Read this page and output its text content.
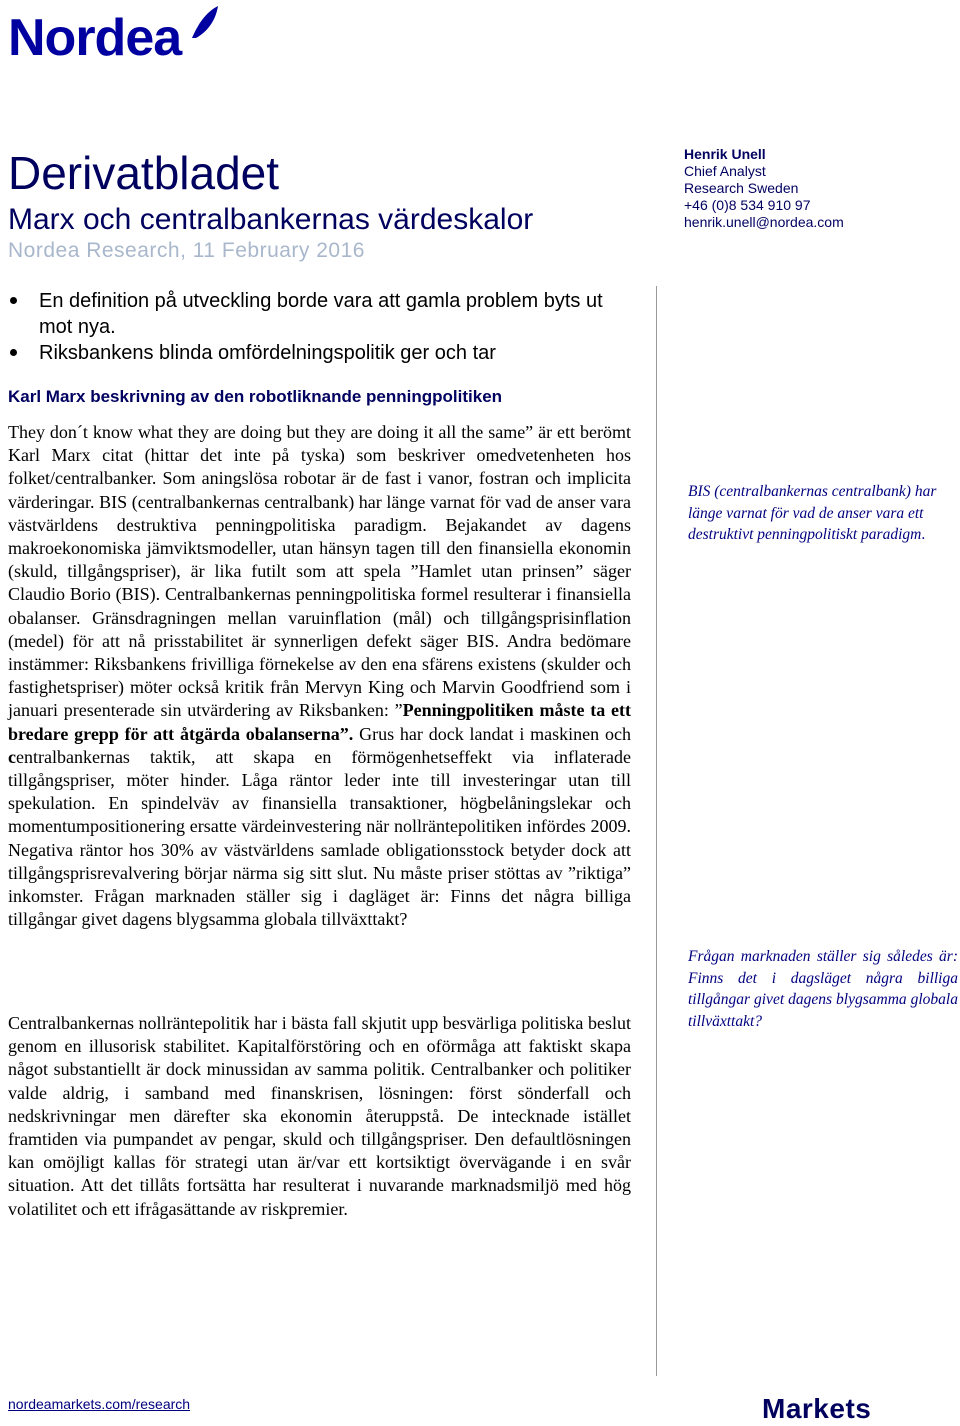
Nordea
Derivatbladet
Marx och centralbankernas värdeskalor
Nordea Research, 11 February 2016
Henrik Unell
Chief Analyst
Research Sweden
+46 (0)8 534 910 97
henrik.unell@nordea.com
En definition på utveckling borde vara att gamla problem byts ut mot nya.
Riksbankens blinda omfördelningspolitik ger och tar
Karl Marx beskrivning av den robotliknande penningpolitiken

They don´t know what they are doing but they are doing it all the same” är ett berömt Karl Marx citat (hittar det inte på tyska) som beskriver omedvetenheten hos folket/centralbanker. Som aningslösa robotar är de fast i vanor, fostran och implicita värderingar. BIS (centralbankernas centralbank) har länge varnat för vad de anser vara västvärldens destruktiva penningpolitiska paradigm. Bejakandet av dagens makroekonomiska jämviktsmodeller, utan hänsyn tagen till den finansiella ekonomin (skuld, tillgångspriser), är lika futilt som att spela ”Hamlet utan prinsen” säger Claudio Borio (BIS). Centralbankernas penningpolitiska formel resulterar i finansiella obalanser. Gränsdragningen mellan varuinflation (mål) och tillgångsprisinflation (medel) för att nå prisstabilitet är synnerligen defekt säger BIS. Andra bedömare instämmer: Riksbankens frivilliga förnekelse av den ena sfärens existens (skulder och fastighetspriser) möter också kritik från Mervyn King och Marvin Goodfriend som i januari presenterade sin utvärdering av Riksbanken: ”Penningpolitiken måste ta ett bredare grepp för att åtgärda obalanserna”. Grus har dock landat i maskinen och centralbankernas taktik, att skapa en förmögenhetseffekt via inflaterade tillgångspriser, möter hinder. Låga räntor leder inte till investeringar utan till spekulation. En spindelväv av finansiella transaktioner, högbelåningslekar och momentumpositionering ersatte värdeinvestering när nollräntepolitiken infördes 2009. Negativa räntor hos 30% av västvärldens samlade obligationsstock betyder dock att tillgångsprisrevalvering börjar närma sig sitt slut. Nu måste priser stöttas av ”riktiga” inkomster. Frågan marknaden ställer sig i dagläget är: Finns det några billiga tillgångar givet dagens blygsamma globala tillväxttakt?

Centralbankernas nollräntepolitik har i bästa fall skjutit upp besvärliga politiska beslut genom en illusorisk stabilitet. Kapitalförstöring och en oförmåga att faktiskt skapa något substantiellt är dock minussidan av samma politik. Centralbanker och politiker valde aldrig, i samband med finanskrisen, lösningen: först sönderfall och nedskrivningar men därefter ska ekonomin återuppstå. De intecknade istället framtiden via pumpandet av pengar, skuld och tillgångspriser. Den defaultlösningen kan omöjligt kallas för strategi utan är/var ett kortsiktigt övervägande i en svår situation. Att det tillåts fortsätta har resulterat i nuvarande marknadsmiljö med hög volatilitet och ett ifrågasättande av riskpremier.

BIS (centralbankernas centralbank) har länge varnat för vad de anser vara ett destruktivt penningpolitiskt paradigm.
Frågan marknaden ställer sig således är: Finns det i dagsläget några billiga tillgångar givet dagens blygsamma globala tillväxttakt?
nordeamarkets.com/research	Markets
